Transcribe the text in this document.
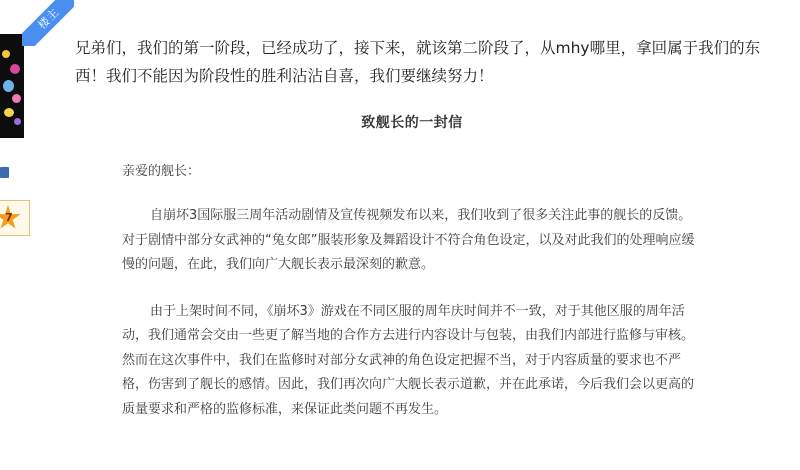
7
楼主

兄弟们，我们的第一阶段，已经成功了，接下来，就该第二阶段了，从mhy哪里，拿回属于我们的东西！我们不能因为阶段性的胜利沾沾自喜，我们要继续努力！

致舰长的一封信

亲爱的舰长：

自崩坏3国际服三周年活动剧情及宣传视频发布以来，我们收到了很多关注此事的舰长的反馈。对于剧情中部分女武神的“兔女郎”服装形象及舞蹈设计不符合角色设定，以及对此我们的处理响应缓慢的问题，在此，我们向广大舰长表示最深刻的歉意。

由于上架时间不同，《崩坏3》游戏在不同区服的周年庆时间并不一致，对于其他区服的周年活动，我们通常会交由一些更了解当地的合作方去进行内容设计与包装，由我们内部进行监修与审核。然而在这次事件中，我们在监修时对部分女武神的角色设定把握不当，对于内容质量的要求也不严格，伤害到了舰长的感情。因此，我们再次向广大舰长表示道歉，并在此承诺，今后我们会以更高的质量要求和严格的监修标准，来保证此类问题不再发生。
